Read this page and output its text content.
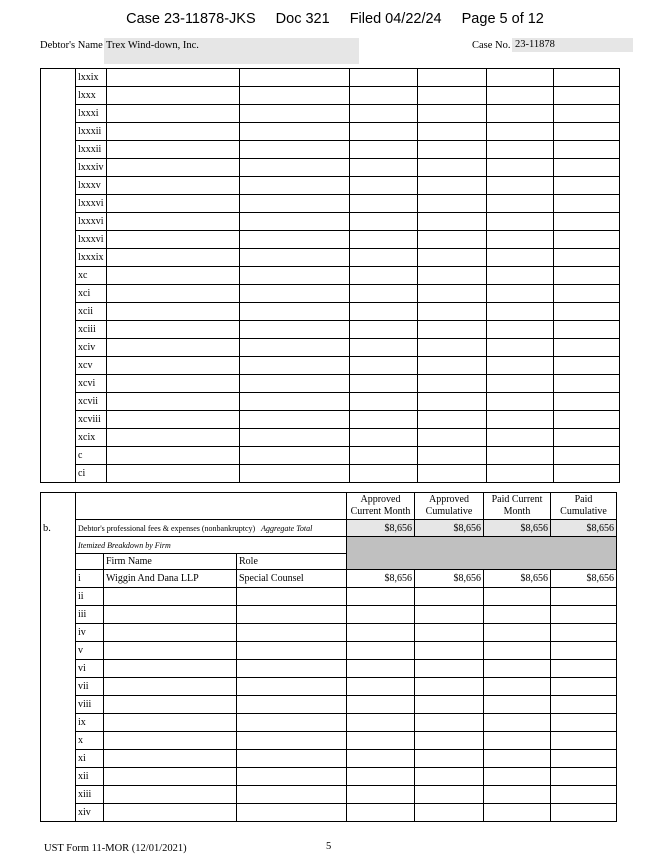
Case 23-11878-JKS Doc 321 Filed 04/22/24 Page 5 of 12
Debtor's Name Trex Wind-down, Inc.	Case No. 23-11878
	lxxix						
	lxxx						
	lxxxi						
	lxxxii						
	lxxxii						
	lxxxiv						
	lxxxv						
	lxxxvi						
	lxxxvi						
	lxxxvi						
	lxxxix						
	xc						
	xci						
	xcii						
	xciii						
	xciv						
	xcv						
	xcvi						
	xcvii						
	xcviii						
	xcix						
	c						
	ci						
				Approved Current Month	Approved Cumulative	Paid Current Month	Paid Cumulative
b.	Debtor's professional fees & expenses (nonbankruptcy) Aggregate Total			$8,656	$8,656	$8,656	$8,656
	Itemized Breakdown by Firm						
		Firm Name	Role				
	i	Wiggin And Dana LLP	Special Counsel	$8,656	$8,656	$8,656	$8,656
	ii						
	iii						
	iv						
	v						
	vi						
	vii						
	viii						
	ix						
	x						
	xi						
	xii						
	xiii						
	xiv						
UST Form 11-MOR (12/01/2021)	5
